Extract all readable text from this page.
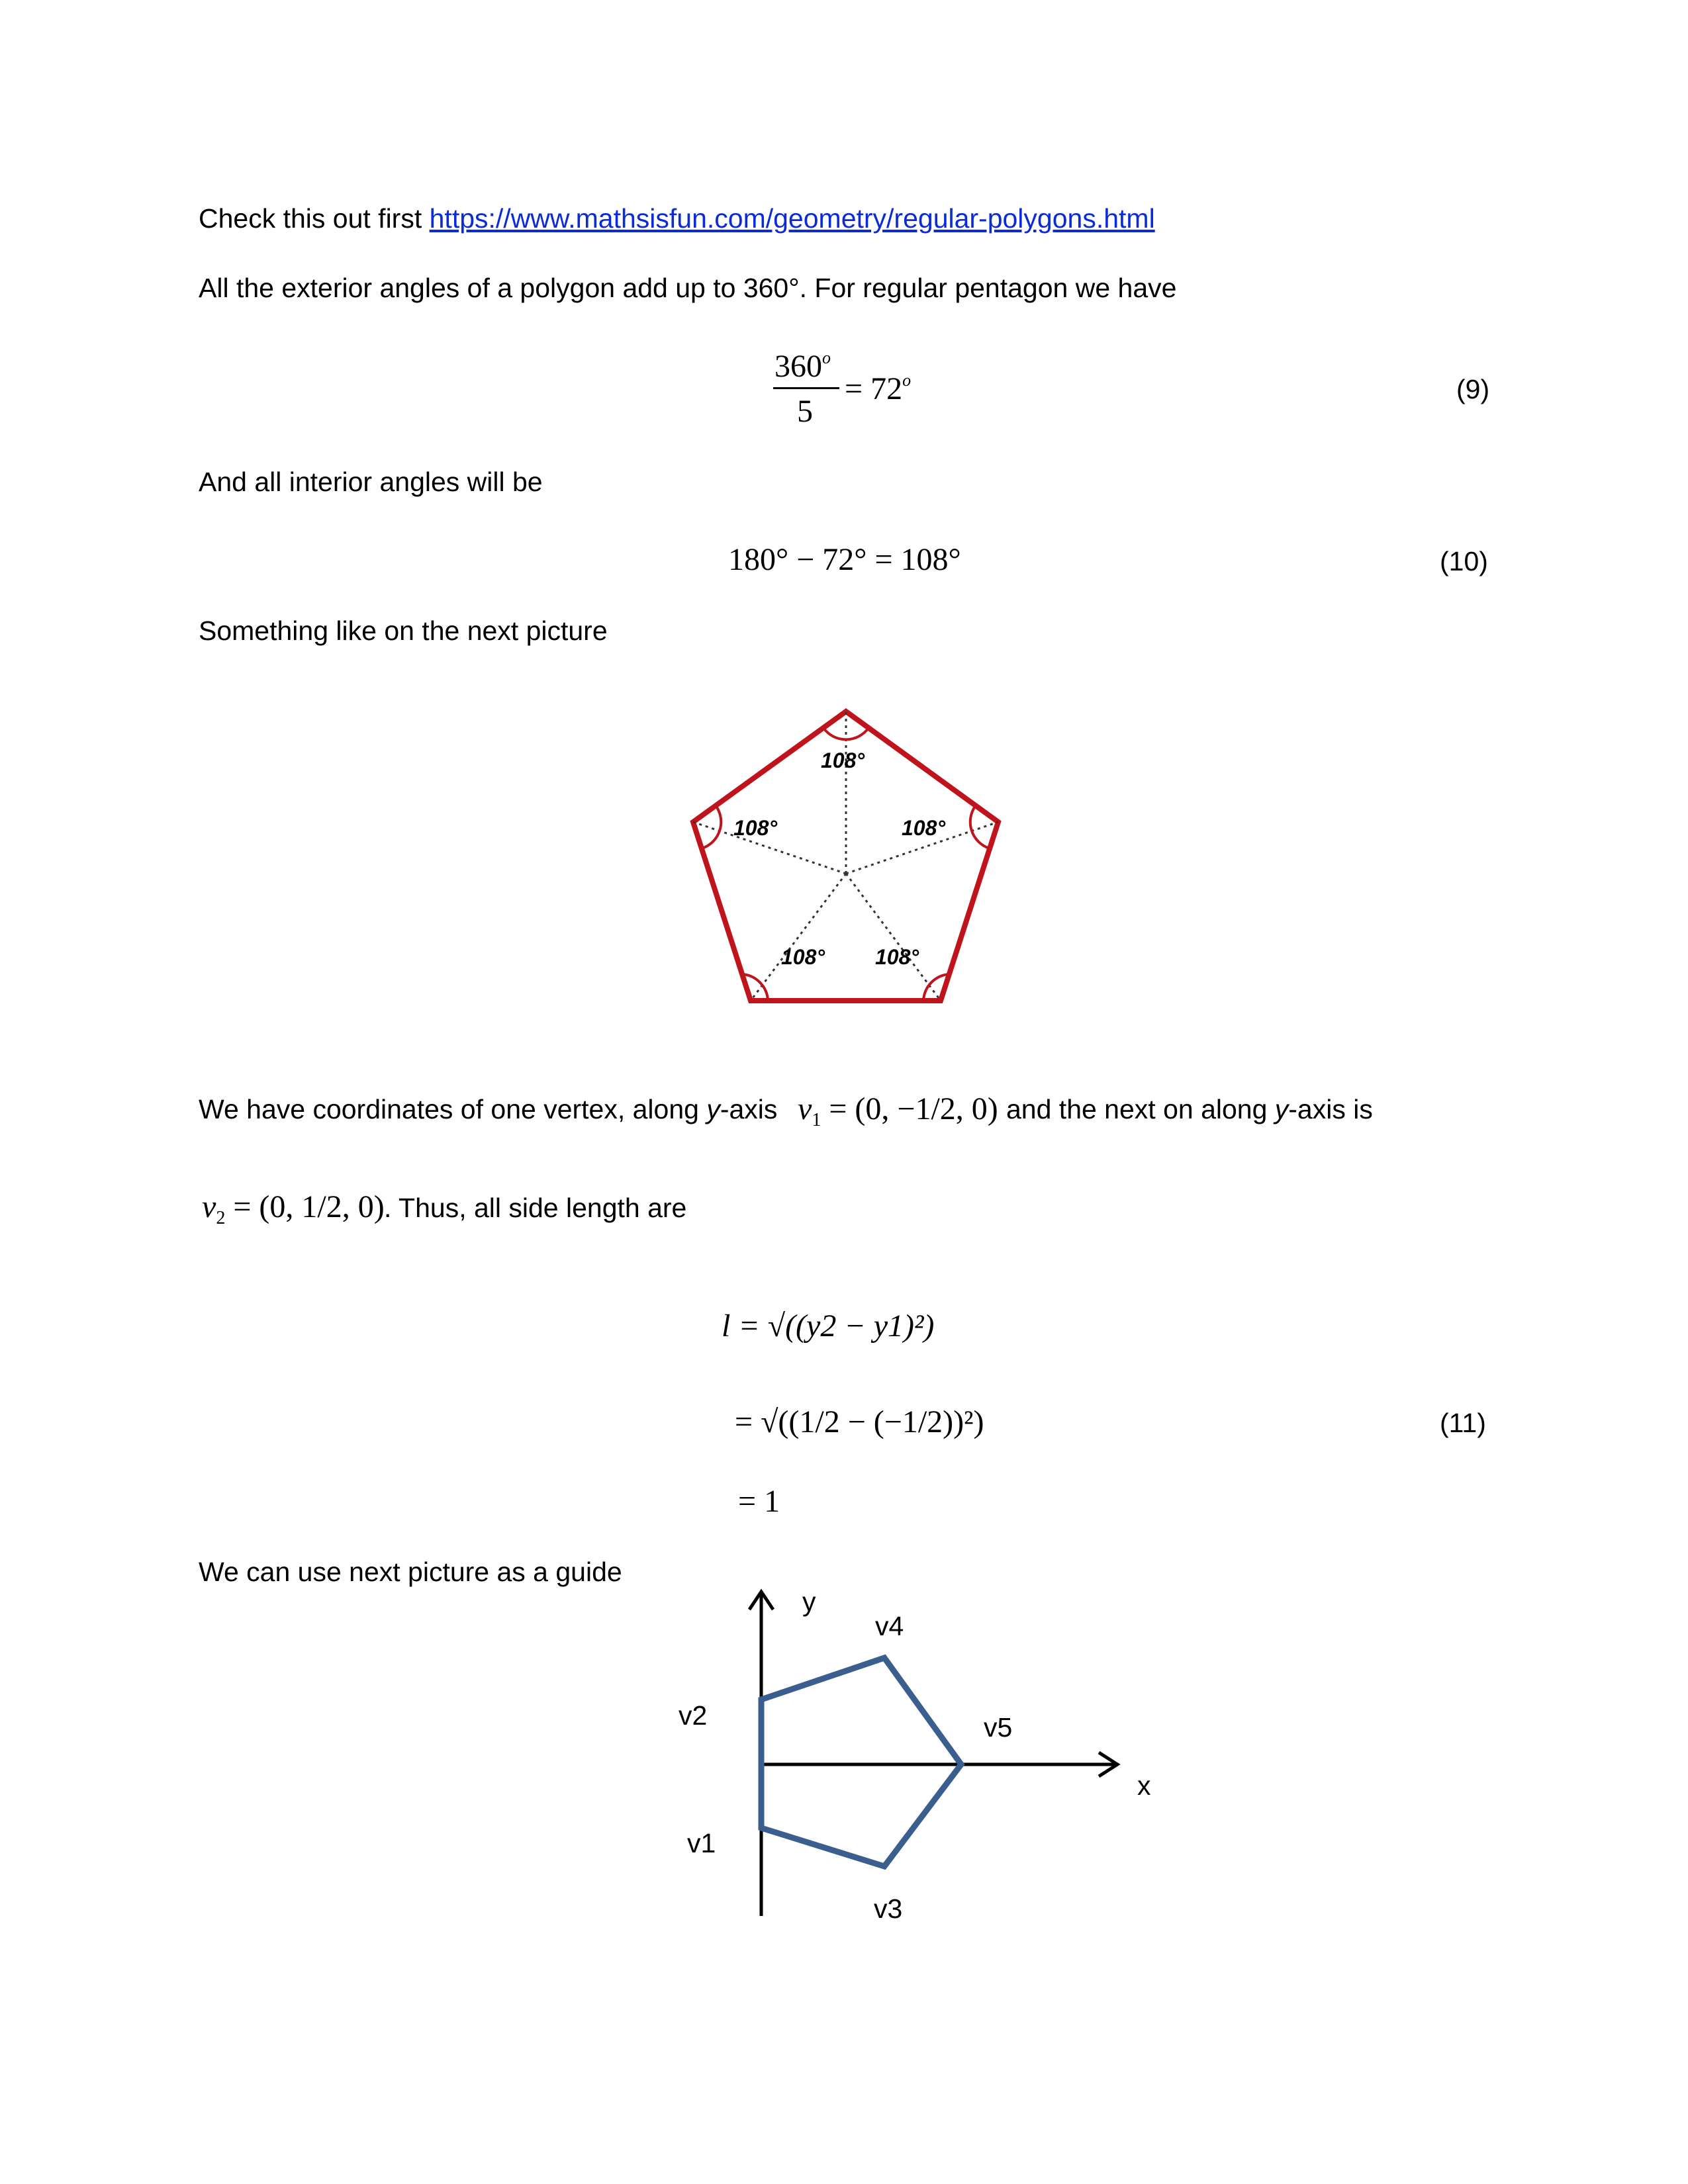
Check this out first https://www.mathsisfun.com/geometry/regular-polygons.html
All the exterior angles of a polygon add up to 360°. For regular pentagon we have
360$^o$
5
= $72^o$	(9)
And all interior angles will be
180° − 72° = 108°	(10)
Something like on the next picture
108°
108°
108°
108°
108°
We have coordinates of one vertex, along y-axis $v_1 = (0$, −1/2, 0) and the next on along y-axis is
$v_2 = (0$, 1/2, 0) . Thus, all side length are
l = √((y2 − y1)²)
= √((1/2 − (−1/2))²)
= 1
(11)
We can use next picture as a guide
y
x
v1
v2
v3
v4
v5
